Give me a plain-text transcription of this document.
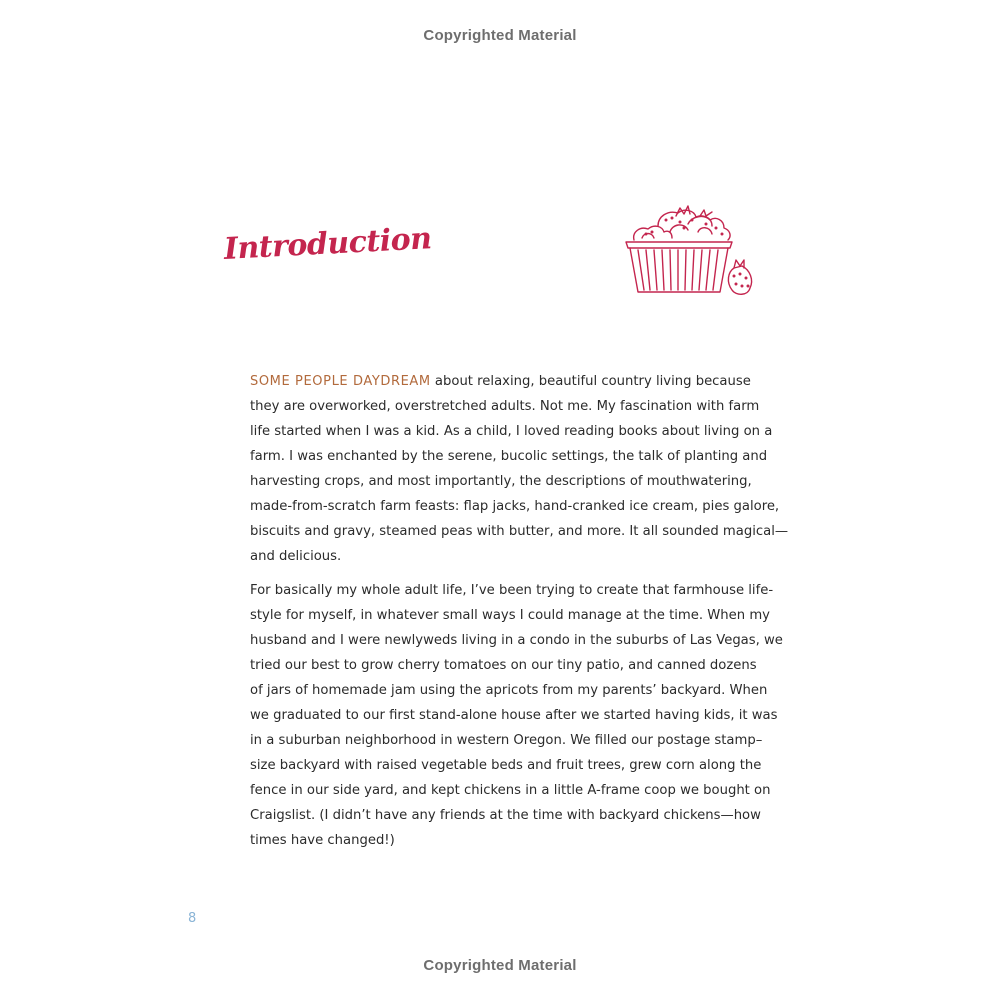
Copyrighted Material
Introduction

SOME PEOPLE DAYDREAM about relaxing, beautiful country living because

they are overworked, overstretched adults. Not me. My fascination with farm

life started when I was a kid. As a child, I loved reading books about living on a

farm. I was enchanted by the serene, bucolic settings, the talk of planting and

harvesting crops, and most importantly, the descriptions of mouthwatering,

made-from-scratch farm feasts: flap jacks, hand-cranked ice cream, pies galore,

biscuits and gravy, steamed peas with butter, and more. It all sounded magical—

and delicious.

For basically my whole adult life, I’ve been trying to create that farmhouse life-

style for myself, in whatever small ways I could manage at the time. When my

husband and I were newlyweds living in a condo in the suburbs of Las Vegas, we

tried our best to grow cherry tomatoes on our tiny patio, and canned dozens

of jars of homemade jam using the apricots from my parents’ backyard. When

we graduated to our first stand-alone house after we started having kids, it was

in a suburban neighborhood in western Oregon. We filled our postage stamp–

size backyard with raised vegetable beds and fruit trees, grew corn along the

fence in our side yard, and kept chickens in a little A-frame coop we bought on

Craigslist. (I didn’t have any friends at the time with backyard chickens—how

times have changed!)

8
Copyrighted Material
